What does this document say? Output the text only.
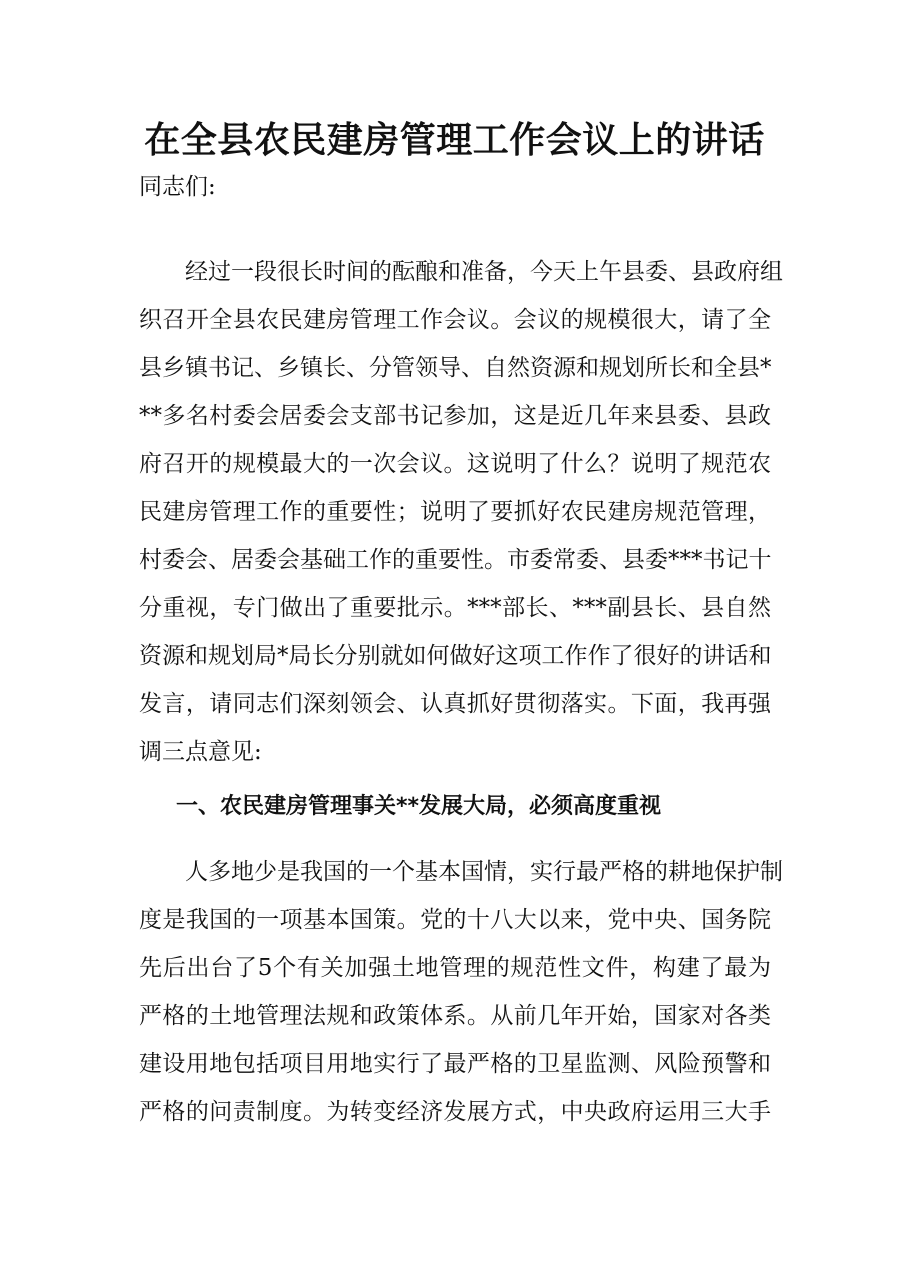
在全县农民建房管理工作会议上的讲话
同志们:
　　经过一段很长时间的酝酿和准备，今天上午县委、县政府组
织召开全县农民建房管理工作会议。会议的规模很大，请了全
县乡镇书记、乡镇长、分管领导、自然资源和规划所长和全县*
**多名村委会居委会支部书记参加，这是近几年来县委、县政
府召开的规模最大的一次会议。这说明了什么？说明了规范农
民建房管理工作的重要性；说明了要抓好农民建房规范管理，
村委会、居委会基础工作的重要性。市委常委、县委***书记十
分重视，专门做出了重要批示。***部长、***副县长、县自然
资源和规划局*局长分别就如何做好这项工作作了很好的讲话和
发言，请同志们深刻领会、认真抓好贯彻落实。下面，我再强
调三点意见:
一、农民建房管理事关**发展大局，必须高度重视
　　人多地少是我国的一个基本国情，实行最严格的耕地保护制
度是我国的一项基本国策。党的十八大以来，党中央、国务院
先后出台了5个有关加强土地管理的规范性文件，构建了最为
严格的土地管理法规和政策体系。从前几年开始，国家对各类
建设用地包括项目用地实行了最严格的卫星监测、风险预警和
严格的问责制度。为转变经济发展方式，中央政府运用三大手
